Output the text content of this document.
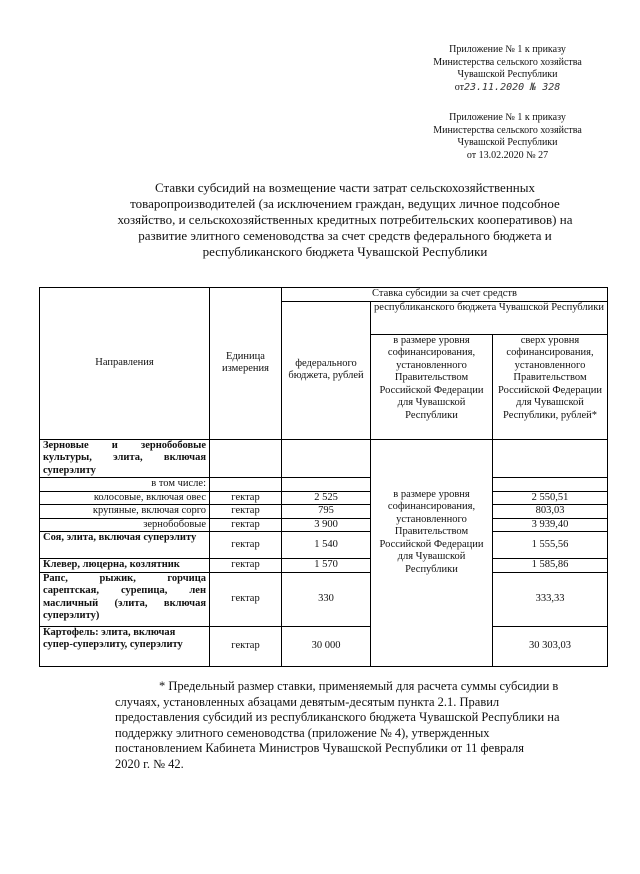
Приложение № 1 к приказу
Министерства сельского хозяйства
Чувашской Республики
от23.11.2020 № 328
Приложение № 1 к приказу
Министерства сельского хозяйства
Чувашской Республики
от 13.02.2020 № 27
Ставки субсидий на возмещение части затрат сельскохозяйственных
товаропроизводителей (за исключением граждан, ведущих личное подсобное
хозяйство, и сельскохозяйственных кредитных потребительских кооперативов) на
развитие элитного семеноводства за счет средств федерального бюджета и
республиканского бюджета Чувашской Республики
Направления	Единица измерения	Ставка субсидии за счет средств		
		федерального бюджета, рублей	республиканского бюджета Чувашской Республики	
			в размере уровня софинансирования, установленного Правительством Российской Федерации для Чувашской Республики	сверх уровня софинансирования, установленного Правительством Российской Федерации для Чувашской Республики, рублей*
Зерновые и зернобобовые культуры, элита, включая суперэлиту			в размере уровня софинансирования, установленного Правительством Российской Федерации для Чувашской Республики	

в том числе:				
колосовые, включая овес	гектар	2 525		2 550,51
крупяные, включая сорго	гектар	795		803,03
зернобобовые	гектар	3 900		3 939,40
Соя, элита, включая суперэлиту	гектар	1 540		1 555,56
Клевер, люцерна, козлятник	гектар	1 570		1 585,86
Рапс, рыжик, горчица сарептская, сурепица, лен масличный (элита, включая суперэлиту)	гектар	330		333,33
Картофель: элита, включая супер-суперэлиту, суперэлиту	гектар	30 000		30 303,03
* Предельный размер ставки, применяемый для расчета суммы субсидии в
случаях, установленных абзацами девятым-десятым пункта 2.1. Правил
предоставления субсидий из республиканского бюджета Чувашской Республики на
поддержку элитного семеноводства (приложение № 4), утвержденных
постановлением Кабинета Министров Чувашской Республики от 11 февраля
2020 г. № 42.
